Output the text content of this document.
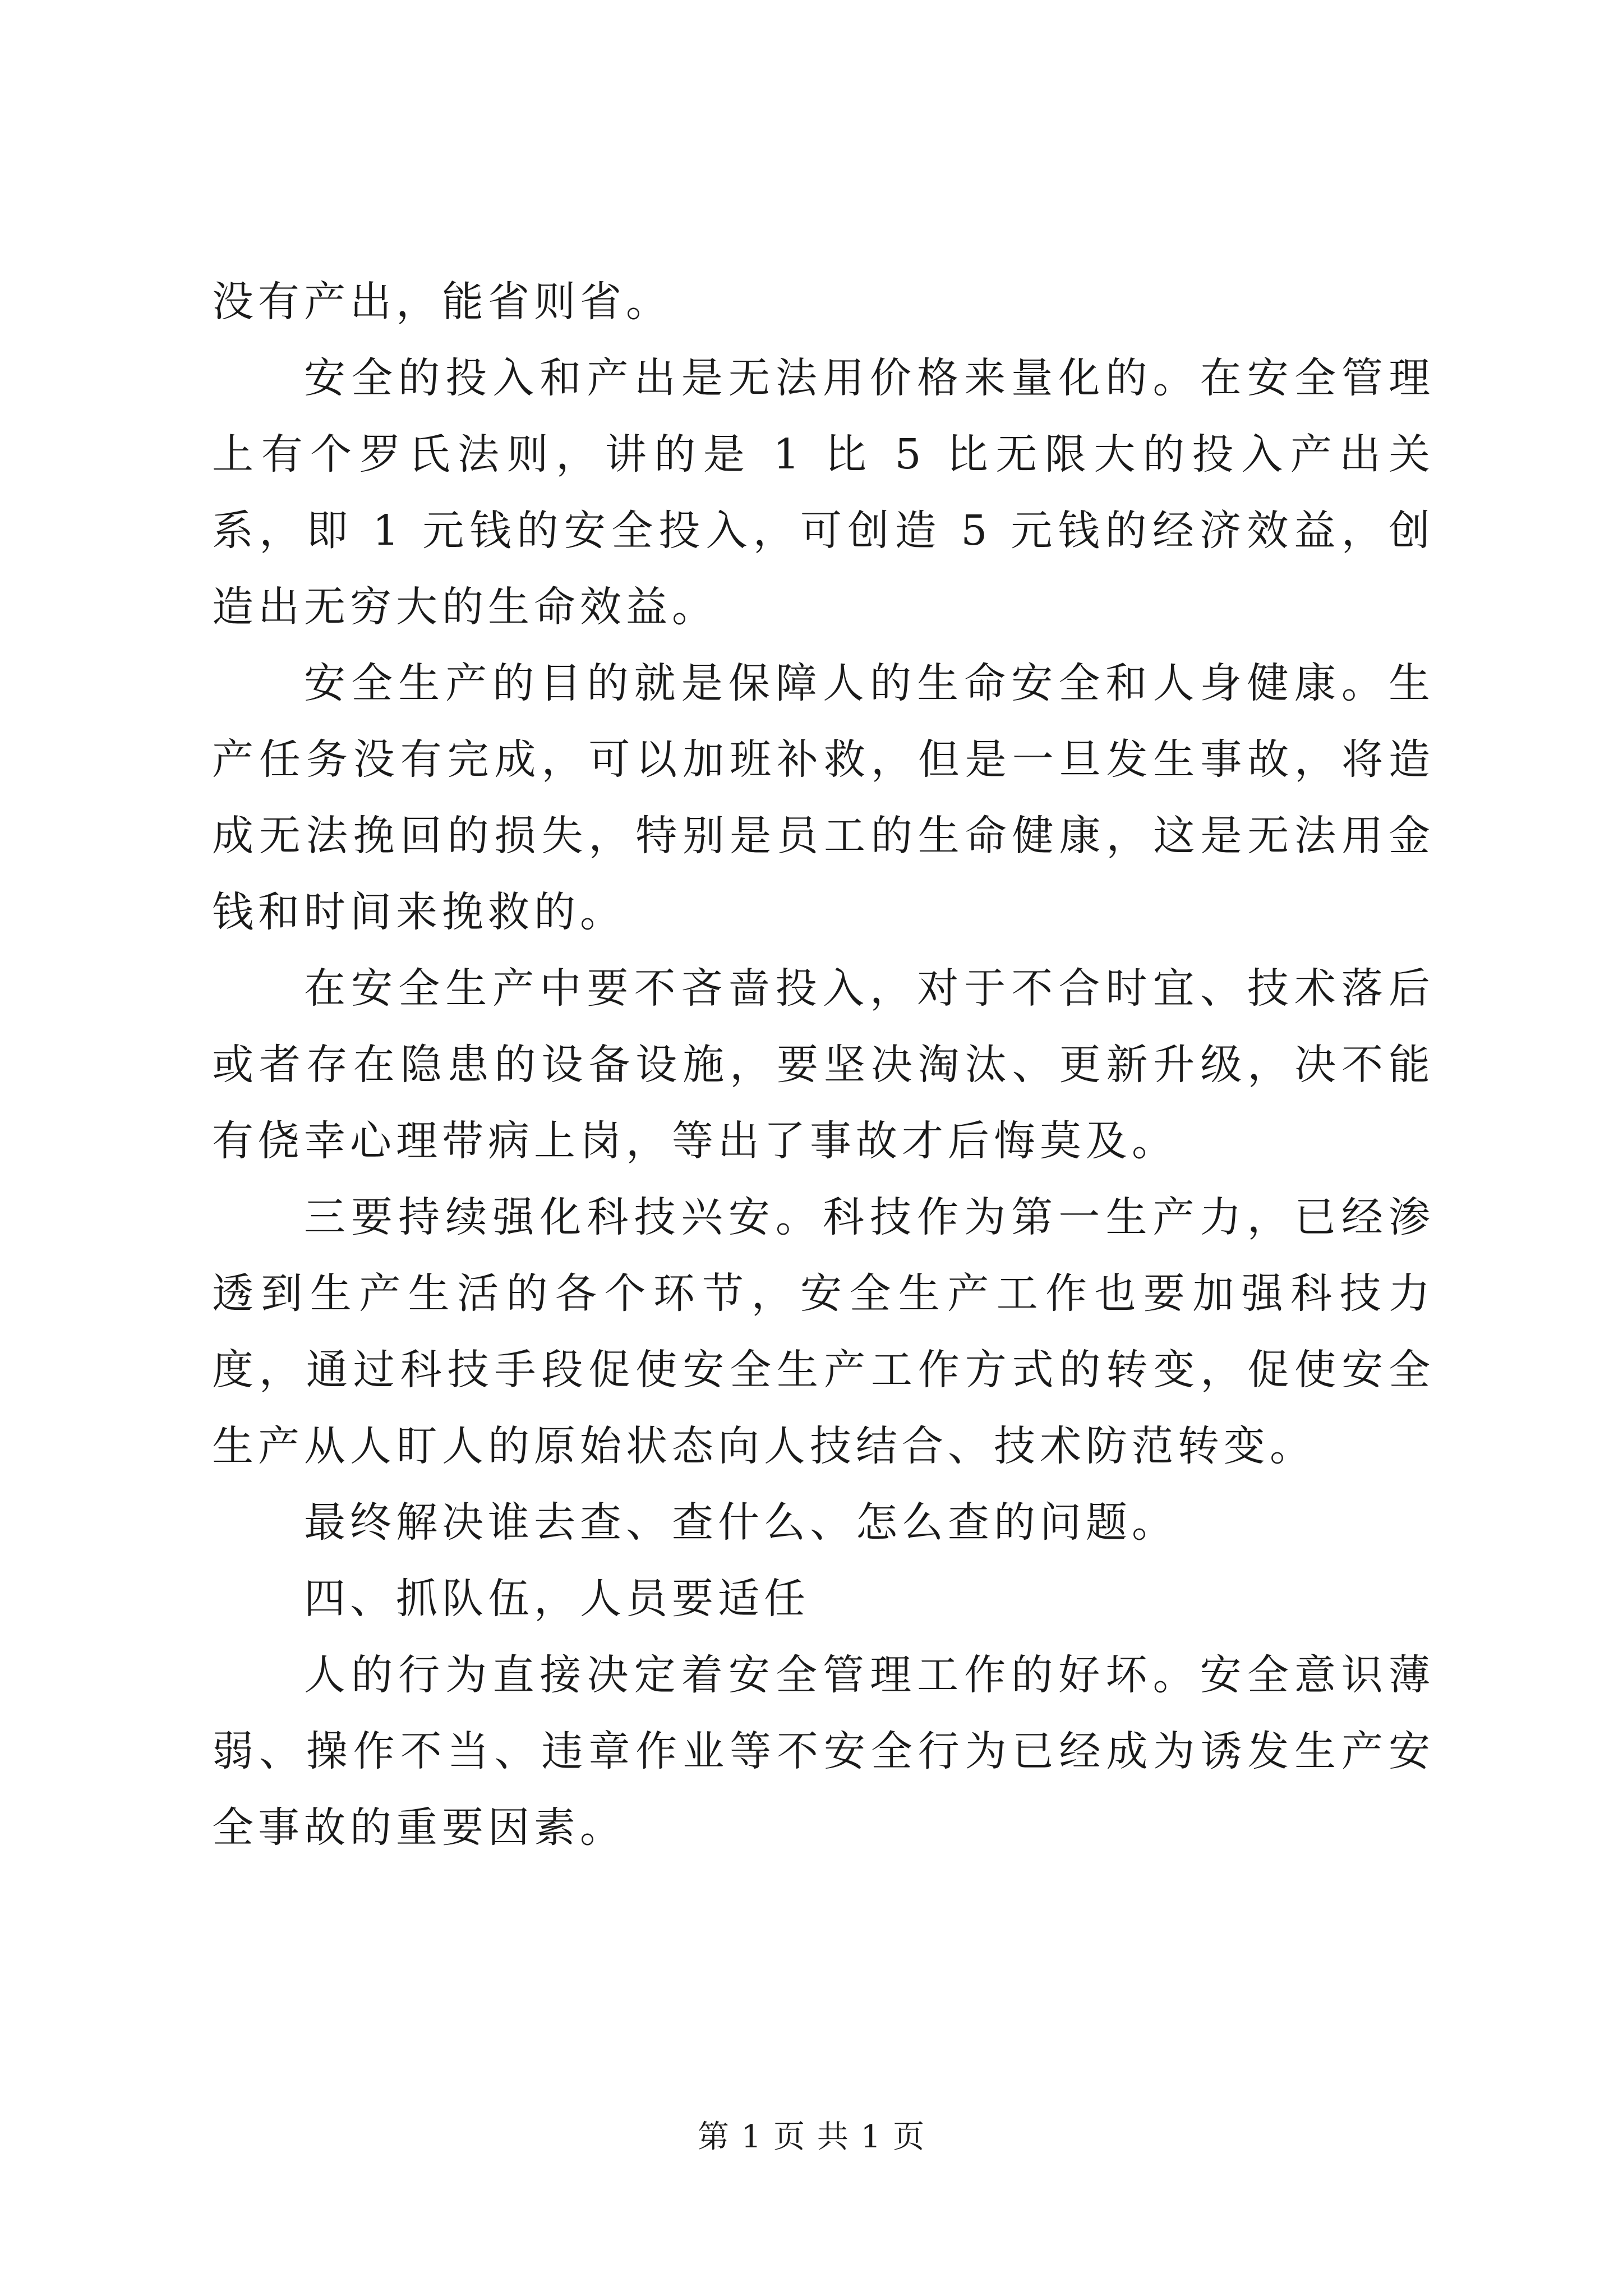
没有产出，能省则省。

安全的投入和产出是无法用价格来量化的。在安全管理上有个罗氏法则，讲的是 1 比 5 比无限大的投入产出关系，即 1 元钱的安全投入，可创造 5 元钱的经济效益，创造出无穷大的生命效益。

安全生产的目的就是保障人的生命安全和人身健康。生产任务没有完成，可以加班补救，但是一旦发生事故，将造成无法挽回的损失，特别是员工的生命健康，这是无法用金钱和时间来挽救的。

在安全生产中要不吝啬投入，对于不合时宜、技术落后或者存在隐患的设备设施，要坚决淘汰、更新升级，决不能有侥幸心理带病上岗，等出了事故才后悔莫及。

三要持续强化科技兴安。科技作为第一生产力，已经渗透到生产生活的各个环节，安全生产工作也要加强科技力度，通过科技手段促使安全生产工作方式的转变，促使安全生产从人盯人的原始状态向人技结合、技术防范转变。

最终解决谁去查、查什么、怎么查的问题。

四、抓队伍，人员要适任

人的行为直接决定着安全管理工作的好坏。安全意识薄弱、操作不当、违章作业等不安全行为已经成为诱发生产安全事故的重要因素。

第 1 页 共 1 页
